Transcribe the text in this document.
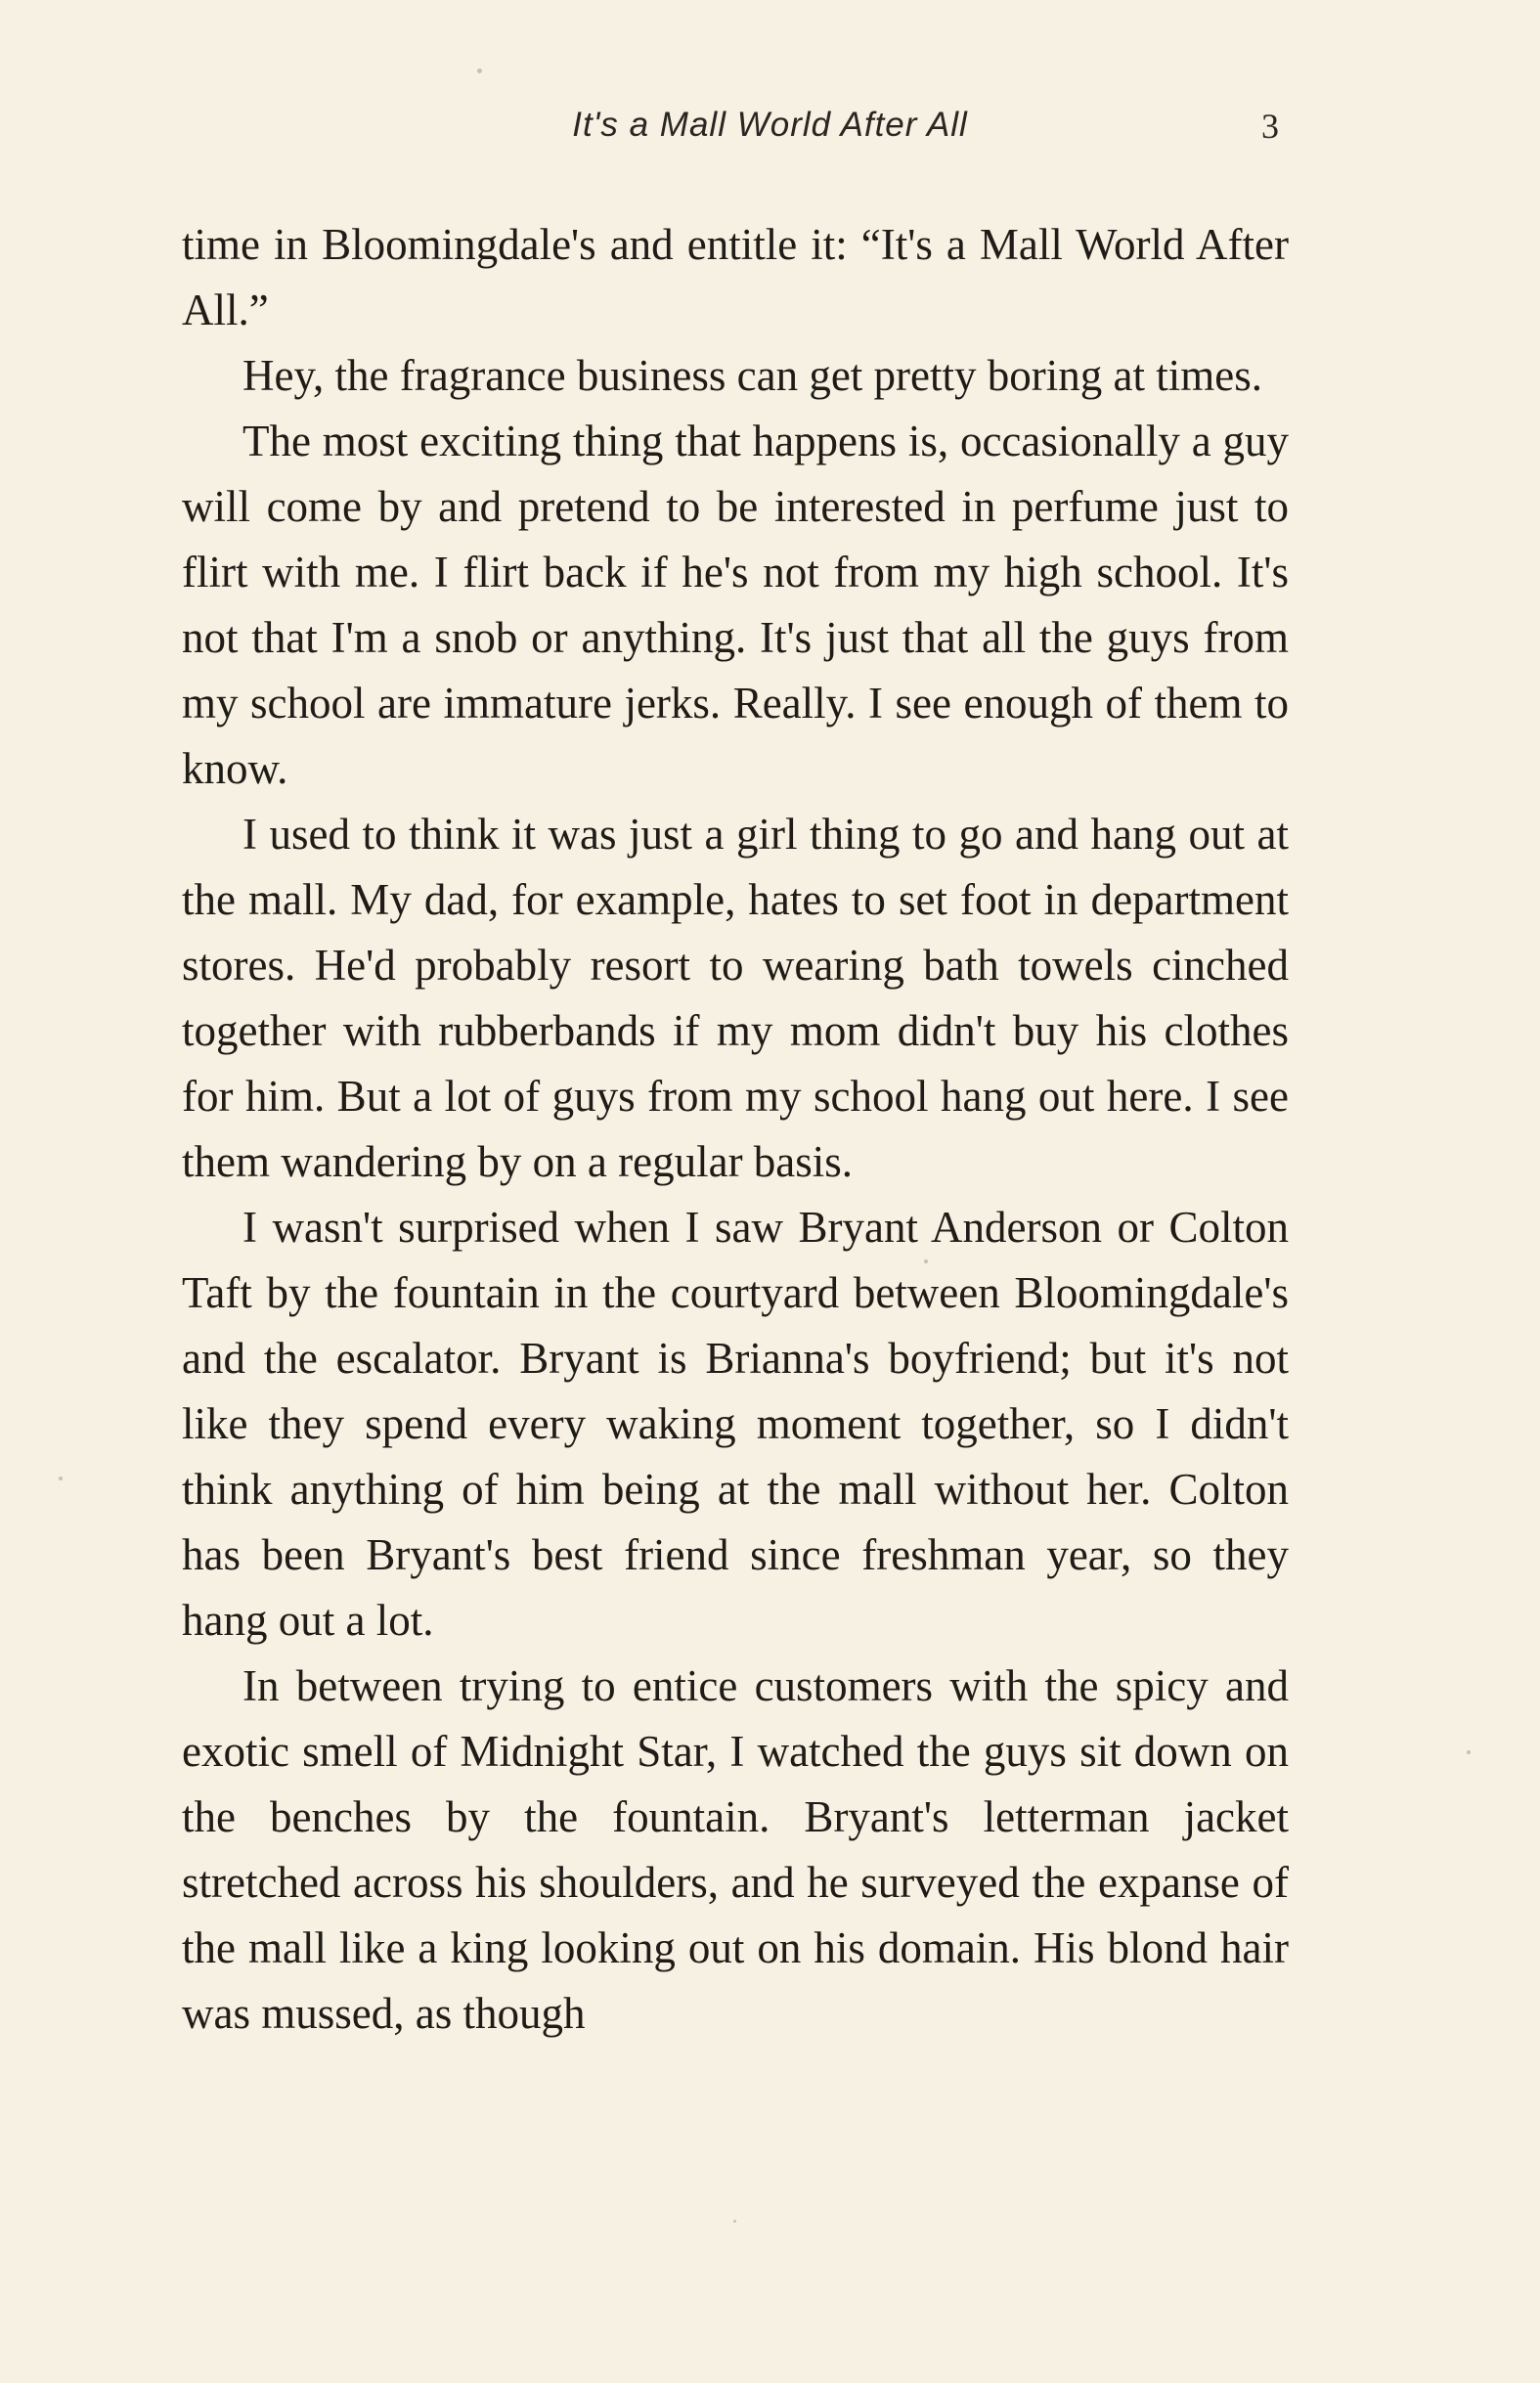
It's a Mall World After All	3

time in Bloomingdale's and entitle it: “It's a Mall World After All.”

Hey, the fragrance business can get pretty boring at times.

The most exciting thing that happens is, occasionally a guy will come by and pretend to be interested in perfume just to flirt with me. I flirt back if he's not from my high school. It's not that I'm a snob or anything. It's just that all the guys from my school are immature jerks. Really. I see enough of them to know.

I used to think it was just a girl thing to go and hang out at the mall. My dad, for example, hates to set foot in department stores. He'd probably resort to wearing bath towels cinched together with rubberbands if my mom didn't buy his clothes for him. But a lot of guys from my school hang out here. I see them wandering by on a regular basis.

I wasn't surprised when I saw Bryant Anderson or Colton Taft by the fountain in the courtyard between Bloomingdale's and the escalator. Bryant is Brianna's boyfriend; but it's not like they spend every waking moment together, so I didn't think anything of him being at the mall without her. Colton has been Bryant's best friend since freshman year, so they hang out a lot.

In between trying to entice customers with the spicy and exotic smell of Midnight Star, I watched the guys sit down on the benches by the fountain. Bryant's letterman jacket stretched across his shoulders, and he surveyed the expanse of the mall like a king looking out on his domain. His blond hair was mussed, as though
